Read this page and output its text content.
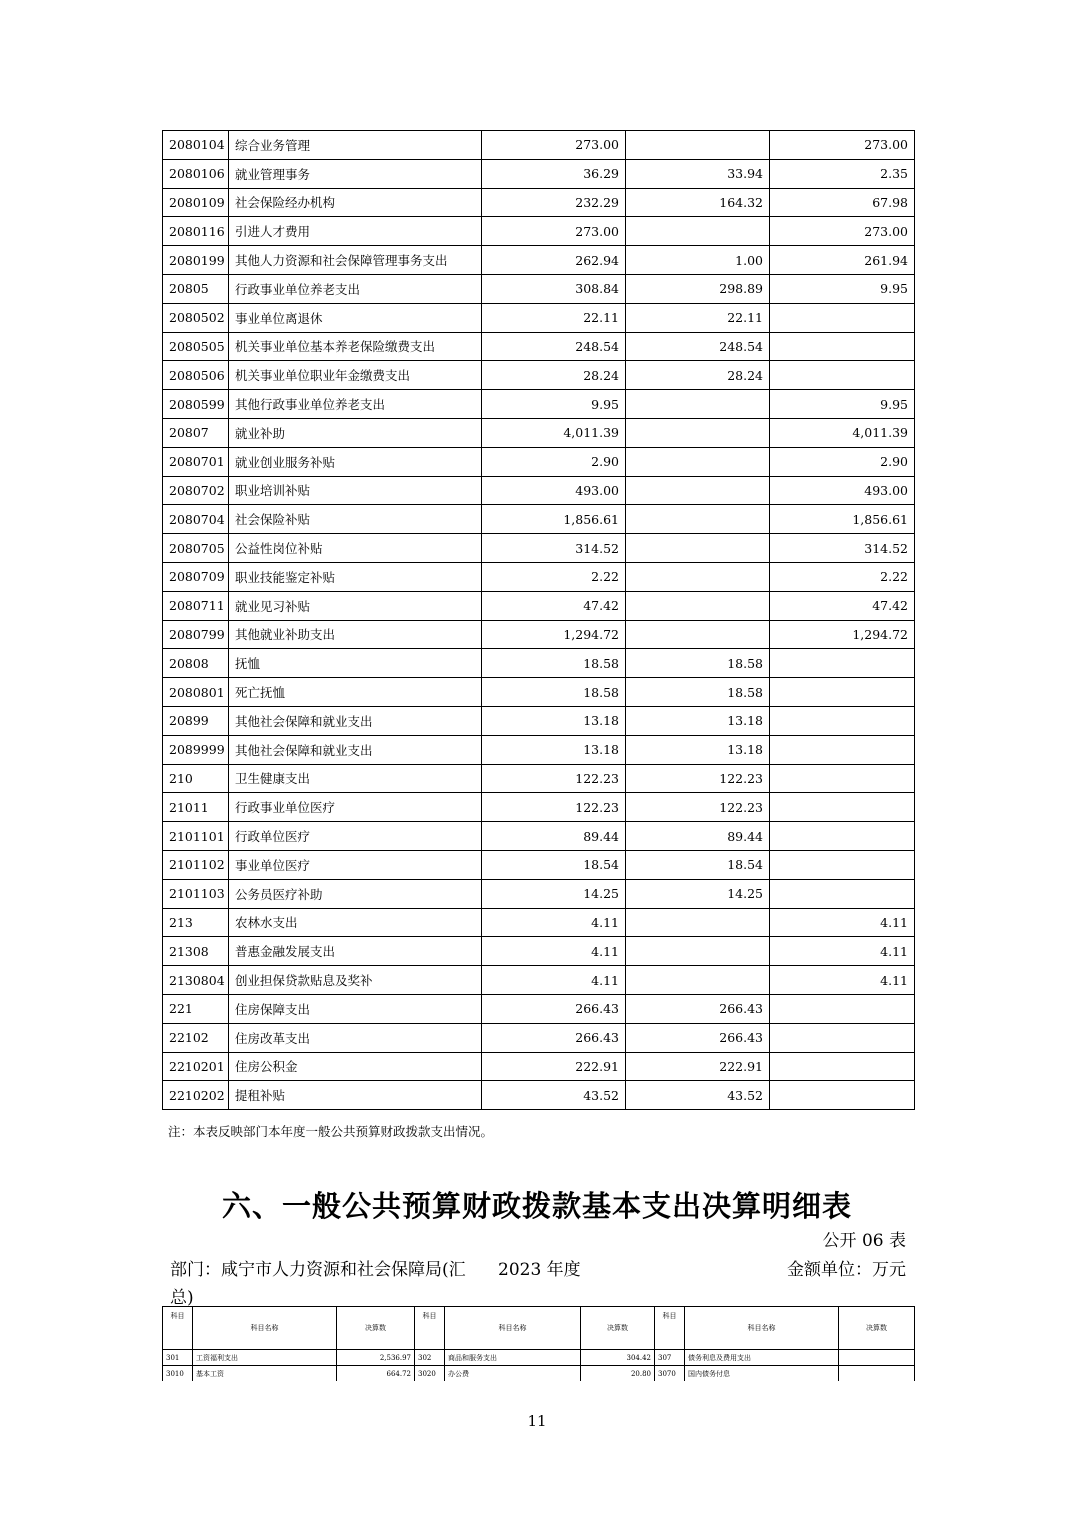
2080104	综合业务管理	273.00		273.00
2080106	就业管理事务	36.29	33.94	2.35
2080109	社会保险经办机构	232.29	164.32	67.98
2080116	引进人才费用	273.00		273.00
2080199	其他人力资源和社会保障管理事务支出	262.94	1.00	261.94
20805	行政事业单位养老支出	308.84	298.89	9.95
2080502	事业单位离退休	22.11	22.11	
2080505	机关事业单位基本养老保险缴费支出	248.54	248.54	
2080506	机关事业单位职业年金缴费支出	28.24	28.24	
2080599	其他行政事业单位养老支出	9.95		9.95
20807	就业补助	4,011.39		4,011.39
2080701	就业创业服务补贴	2.90		2.90
2080702	职业培训补贴	493.00		493.00
2080704	社会保险补贴	1,856.61		1,856.61
2080705	公益性岗位补贴	314.52		314.52
2080709	职业技能鉴定补贴	2.22		2.22
2080711	就业见习补贴	47.42		47.42
2080799	其他就业补助支出	1,294.72		1,294.72
20808	抚恤	18.58	18.58	
2080801	死亡抚恤	18.58	18.58	
20899	其他社会保障和就业支出	13.18	13.18	
2089999	其他社会保障和就业支出	13.18	13.18	
210	卫生健康支出	122.23	122.23	
21011	行政事业单位医疗	122.23	122.23	
2101101	行政单位医疗	89.44	89.44	
2101102	事业单位医疗	18.54	18.54	
2101103	公务员医疗补助	14.25	14.25	
213	农林水支出	4.11		4.11
21308	普惠金融发展支出	4.11		4.11
2130804	创业担保贷款贴息及奖补	4.11		4.11
221	住房保障支出	266.43	266.43	
22102	住房改革支出	266.43	266.43	
2210201	住房公积金	222.91	222.91	
2210202	提租补贴	43.52	43.52	
注：本表反映部门本年度一般公共预算财政拨款支出情况。
六、一般公共预算财政拨款基本支出决算明细表
公开 06 表
部门：咸宁市人力资源和社会保障局(汇总)
2023 年度	金额单位：万元
科目	科目名称	决算数	科目	科目名称	决算数	科目	科目名称	决算数
301	工资福利支出	2,536.97	302	商品和服务支出	304.42	307	债务利息及费用支出	
3010	基本工资	664.72	3020	办公费	20.80	3070	国内债务付息	
11
